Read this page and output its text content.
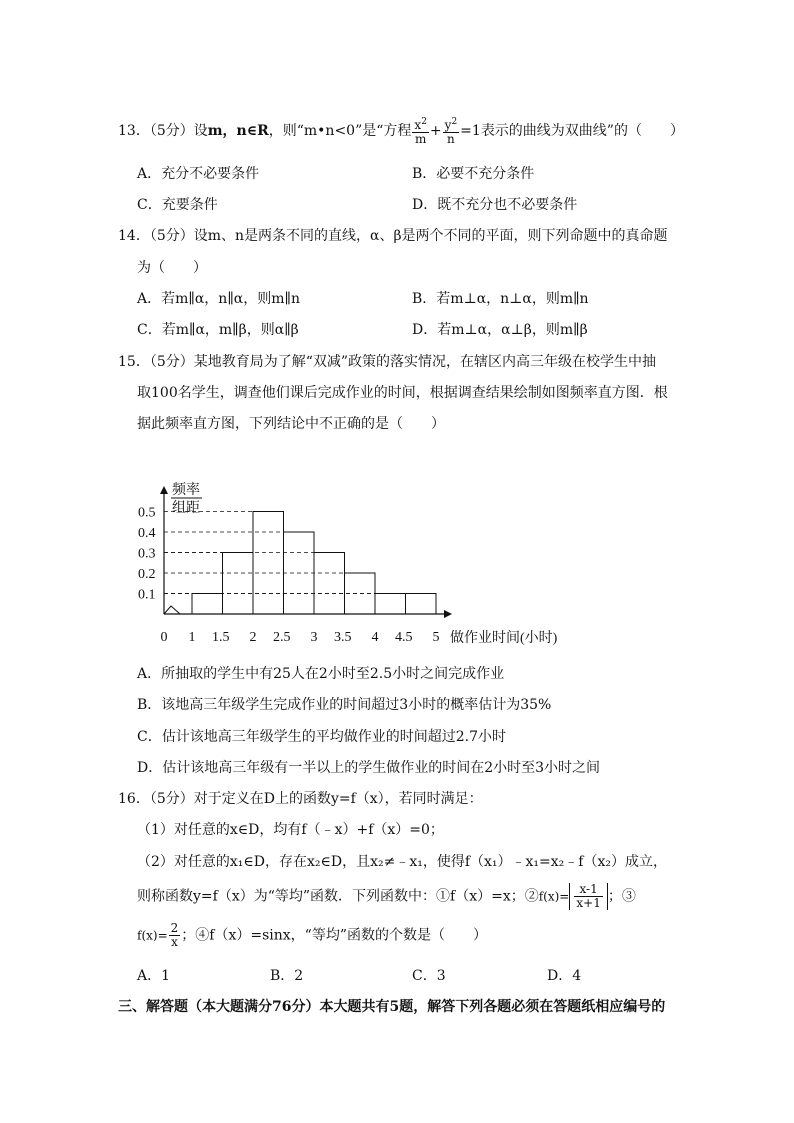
13．（5分）设m，n∈R，则“m•n<0”是“方程 $\frac{x^2}{m} + \frac{y^2}{n} =1$表示的曲线为双曲线”的（　　）
A．充分不必要条件	B．必要不充分条件
C．充要条件	D．既不充分也不必要条件
14．（5分）设m、n是两条不同的直线，α、β是两个不同的平面，则下列命题中的真命题
为（　　）
A．若m∥α，n∥α，则m∥n	B．若m⊥α，n⊥α，则m∥n
C．若m∥α，m∥β，则α∥β	D．若m⊥α，α⊥β，则m∥β
15．（5分）某地教育局为了解“双减”政策的落实情况，在辖区内高三年级在校学生中抽
取100名学生，调查他们课后完成作业的时间，根据调查结果绘制如图频率直方图．根
据此频率直方图，下列结论中不正确的是（　　）
频率
组距
0.1
0.2
0.3
0.4
0.5
0 1 1.5 2 2.5 3 3.5 4 4.5 5 做作业时间(小时)
A．所抽取的学生中有25人在2小时至2.5小时之间完成作业
B．该地高三年级学生完成作业的时间超过3小时的概率估计为35%
C．估计该地高三年级学生的平均做作业的时间超过2.7小时
D．估计该地高三年级有一半以上的学生做作业的时间在2小时至3小时之间
16．（5分）对于定义在D上的函数y=f（x），若同时满足：
（1）对任意的x∈D，均有f（﹣x）+f（x）=0；
（2）对任意的x₁∈D，存在x₂∈D，且x₂≠﹣x₁，使得f（x₁）﹣x₁=x₂﹣f（x₂）成立，
则称函数y=f（x）为“等均”函数．下列函数中：①f（x）=x；②f(x)= $\frac{x-1}{x+1}$ ；③
$f(x)= \frac{2}{x}$ ；④f（x）=sinx，“等均”函数的个数是（　　）
A．1	B．2	C．3	D．4
三、解答题（本大题满分76分）本大题共有5题，解答下列各题必须在答题纸相应编号的
